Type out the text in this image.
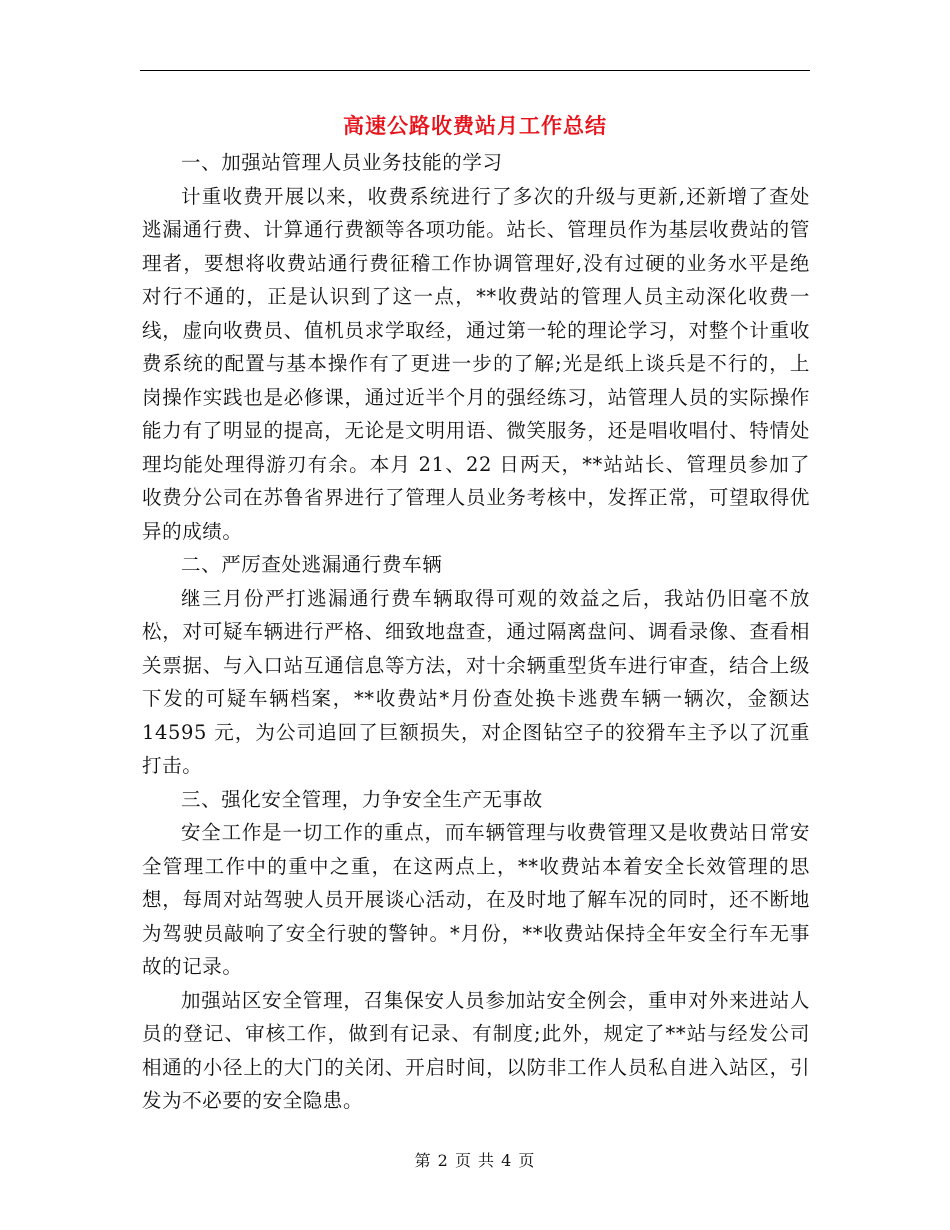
高速公路收费站月工作总结

一、加强站管理人员业务技能的学习

计重收费开展以来，收费系统进行了多次的升级与更新,还新增了查处逃漏通行费、计算通行费额等各项功能。站长、管理员作为基层收费站的管理者，要想将收费站通行费征稽工作协调管理好,没有过硬的业务水平是绝对行不通的，正是认识到了这一点，**收费站的管理人员主动深化收费一线，虚向收费员、值机员求学取经，通过第一轮的理论学习，对整个计重收费系统的配置与基本操作有了更进一步的了解;光是纸上谈兵是不行的，上岗操作实践也是必修课，通过近半个月的强经练习，站管理人员的实际操作能力有了明显的提高，无论是文明用语、微笑服务，还是唱收唱付、特情处理均能处理得游刃有余。本月 21、22 日两天，**站站长、管理员参加了收费分公司在苏鲁省界进行了管理人员业务考核中，发挥正常，可望取得优异的成绩。

二、严厉查处逃漏通行费车辆

继三月份严打逃漏通行费车辆取得可观的效益之后，我站仍旧毫不放松，对可疑车辆进行严格、细致地盘查，通过隔离盘问、调看录像、查看相关票据、与入口站互通信息等方法，对十余辆重型货车进行审查，结合上级下发的可疑车辆档案，**收费站*月份查处换卡逃费车辆一辆次，金额达 14595 元，为公司追回了巨额损失，对企图钻空子的狡猾车主予以了沉重打击。

三、强化安全管理，力争安全生产无事故

安全工作是一切工作的重点，而车辆管理与收费管理又是收费站日常安全管理工作中的重中之重，在这两点上，**收费站本着安全长效管理的思想，每周对站驾驶人员开展谈心活动，在及时地了解车况的同时，还不断地为驾驶员敲响了安全行驶的警钟。*月份，**收费站保持全年安全行车无事故的记录。

加强站区安全管理，召集保安人员参加站安全例会，重申对外来进站人员的登记、审核工作，做到有记录、有制度;此外，规定了**站与经发公司相通的小径上的大门的关闭、开启时间，以防非工作人员私自进入站区，引发为不必要的安全隐患。

第 2 页 共 4 页
